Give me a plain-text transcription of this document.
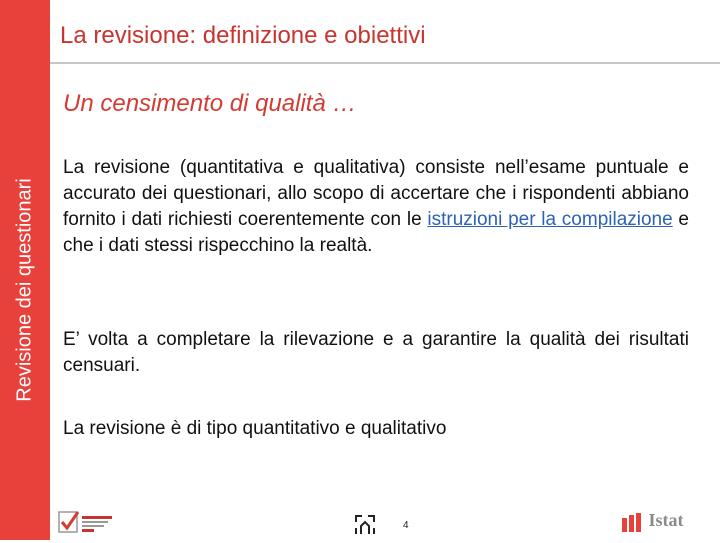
Revisione dei questionari
La revisione: definizione e obiettivi
Un censimento di qualità …

La revisione (quantitativa e qualitativa) consiste nell’esame puntuale e accurato dei questionari, allo scopo di accertare che i rispondenti abbiano fornito i dati richiesti coerentemente con le istruzioni per la compilazione e che i dati stessi rispecchino la realtà.

E’ volta a completare la rilevazione e a garantire la qualità dei risultati censuari.

La revisione è di tipo quantitativo e qualitativo

4	Istat
